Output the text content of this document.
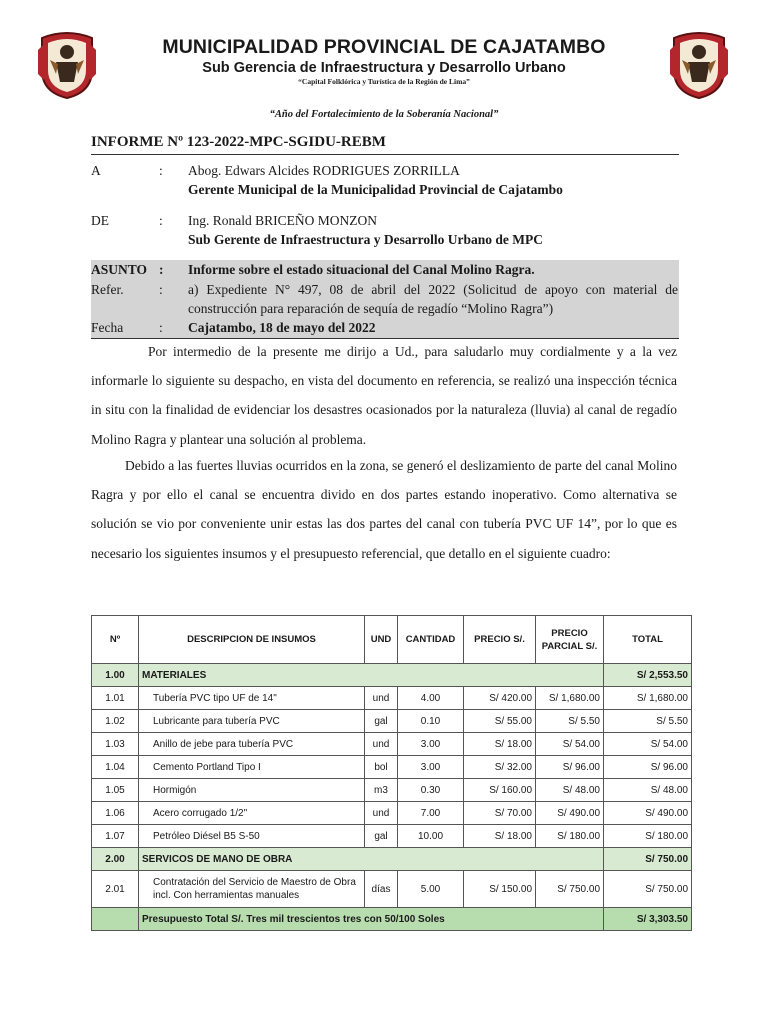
MUNICIPALIDAD PROVINCIAL DE CAJATAMBO
Sub Gerencia de Infraestructura y Desarrollo Urbano
“Capital Folklórica y Turística de la Región de Lima”
“Año del Fortalecimiento de la Soberanía Nacional”
INFORME Nº 123-2022-MPC-SGIDU-REBM
A	: Abog. Edwars Alcides RODRIGUES ZORRILLA
Gerente Municipal de la Municipalidad Provincial de Cajatambo
DE	: Ing. Ronald BRICEÑO MONZON
Sub Gerente de Infraestructura y Desarrollo Urbano de MPC
ASUNTO : Informe sobre el estado situacional del Canal Molino Ragra.
Refer.	: a) Expediente N° 497, 08 de abril del 2022 (Solicitud de apoyo con material de construcción para reparación de sequía de regadío “Molino Ragra”)
Fecha	: Cajatambo, 18 de mayo del 2022
Por intermedio de la presente me dirijo a Ud., para saludarlo muy cordialmente y a la vez informarle lo siguiente su despacho, en vista del documento en referencia, se realizó una inspección técnica in situ con la finalidad de evidenciar los desastres ocasionados por la naturaleza (lluvia) al canal de regadío Molino Ragra y plantear una solución al problema.
Debido a las fuertes lluvias ocurridos en la zona, se generó el deslizamiento de parte del canal Molino Ragra y por ello el canal se encuentra divido en dos partes estando inoperativo. Como alternativa se solución se vio por conveniente unir estas las dos partes del canal con tubería PVC UF 14”, por lo que es necesario los siguientes insumos y el presupuesto referencial, que detallo en el siguiente cuadro:
Nº	DESCRIPCION DE INSUMOS	UND	CANTIDAD	PRECIO S/.	PRECIO PARCIAL S/.	TOTAL
1.00	MATERIALES					S/ 2,553.50
1.01	Tubería PVC tipo UF de 14"	und	4.00	S/ 420.00	S/ 1,680.00	S/ 1,680.00
1.02	Lubricante para tubería PVC	gal	0.10	S/ 55.00	S/ 5.50	S/ 5.50
1.03	Anillo de jebe para tubería PVC	und	3.00	S/ 18.00	S/ 54.00	S/ 54.00
1.04	Cemento Portland Tipo I	bol	3.00	S/ 32.00	S/ 96.00	S/ 96.00
1.05	Hormigón	m3	0.30	S/ 160.00	S/ 48.00	S/ 48.00
1.06	Acero corrugado 1/2"	und	7.00	S/ 70.00	S/ 490.00	S/ 490.00
1.07	Petróleo Diésel B5 S-50	gal	10.00	S/ 18.00	S/ 180.00	S/ 180.00
2.00	SERVICOS DE MANO DE OBRA					S/ 750.00
2.01	Contratación del Servicio de Maestro de Obra incl. Con herramientas manuales	días	5.00	S/ 150.00	S/ 750.00	S/ 750.00
	Presupuesto Total S/. Tres mil trescientos tres con 50/100 Soles					S/ 3,303.50
